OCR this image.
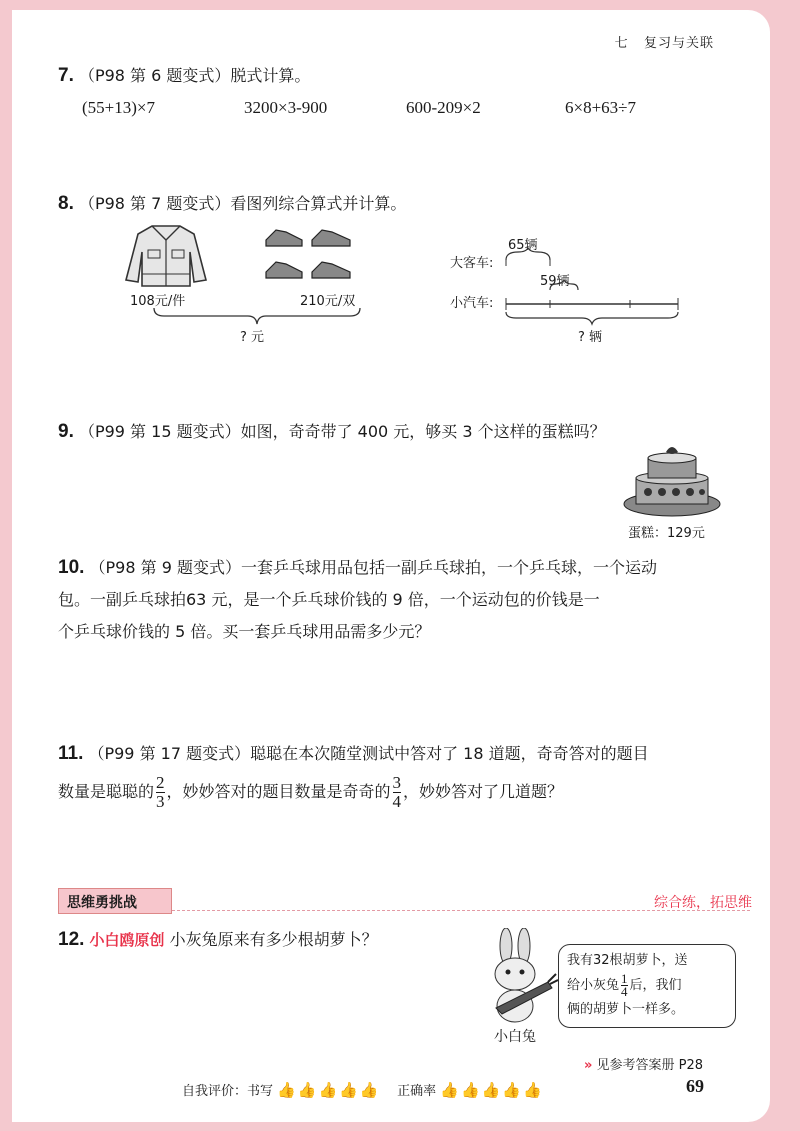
七 复习与关联
7. （P98 第 6 题变式）脱式计算。
(55+13)×7	3200×3-900	600-209×2	6×8+63÷7
8. （P98 第 7 题变式）看图列综合算式并计算。
108元/件	210元/双
? 元
大客车:
小汽车:
65辆
59辆
? 辆
9. （P99 第 15 题变式）如图，奇奇带了 400 元，够买 3 个这样的蛋糕吗？
蛋糕：129元
10. （P98 第 9 题变式）一套乒乓球用品包括一副乒乓球拍，一个乒乓球，一个运动
包。一副乒乓球拍63 元，是一个乒乓球价钱的 9 倍，一个运动包的价钱是一
个乒乓球价钱的 5 倍。买一套乒乓球用品需多少元？
11. （P99 第 17 题变式）聪聪在本次随堂测试中答对了 18 道题，奇奇答对的题目
数量是聪聪的 $\frac{2}{3}$ ，妙妙答对的题目数量是奇奇的 $\frac{3}{4}$ ，妙妙答对了几道题？
思维勇挑战	综合练，拓思维
12. 小白鸥原创 小灰兔原来有多少根胡萝卜？
小白兔
我有32根胡萝卜，送
给小灰兔 $\frac{1}{4}$ 后，我们
俩的胡萝卜一样多。
» 见参考答案册 P28
自我评价：书写 👍 👍 👍 👍 👍 正确率 👍 👍 👍 👍 👍	69
